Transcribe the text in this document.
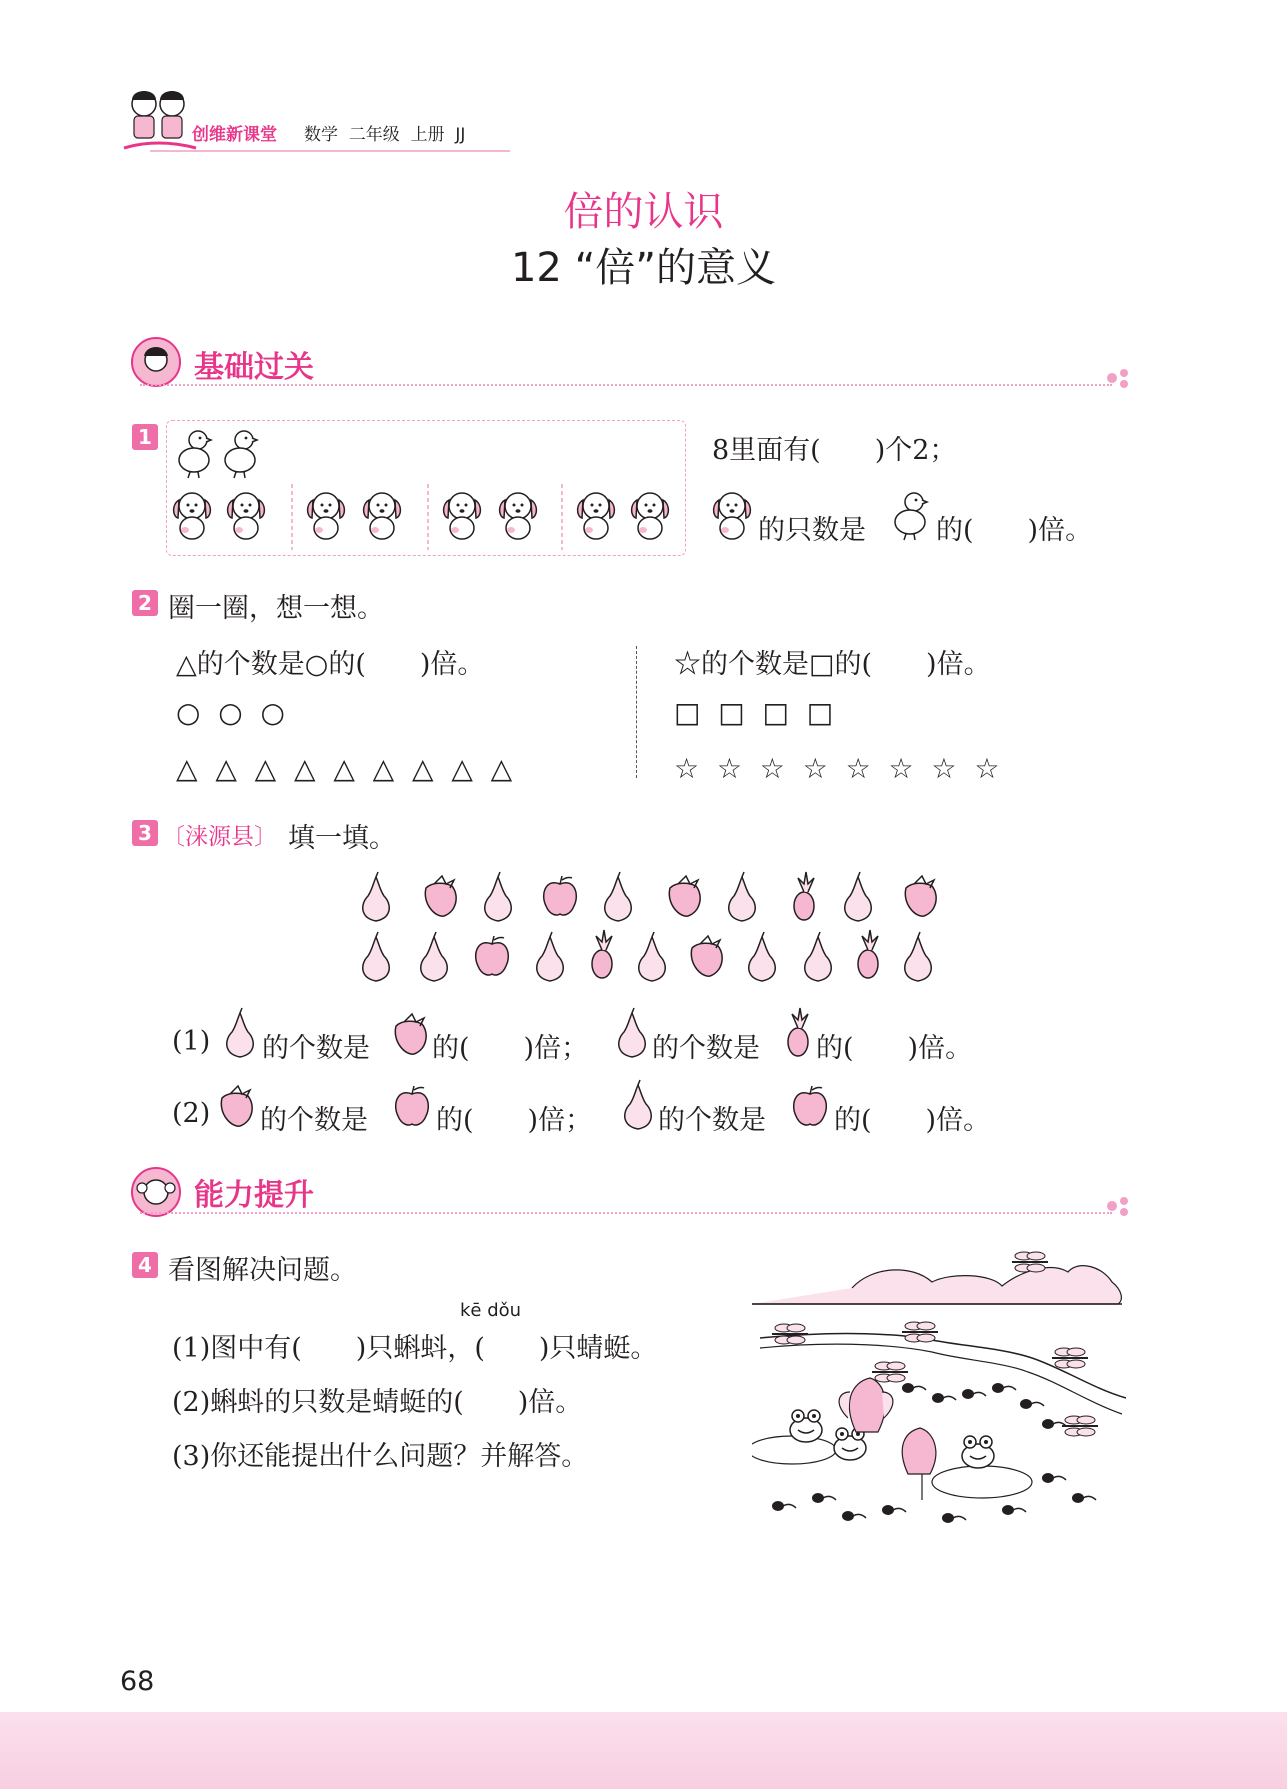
创维新课堂 数学  二年级  上册  JJ
倍的认识
12 “倍”的意义
基础过关
1	8里面有(　　)个2；
的只数是	的(　　)倍。
2 圈一圈，想一想。
△的个数是○的(　　)倍。
○  ○  ○
△  △  △  △  △  △  △  △  △
☆的个数是□的(　　)倍。
□  □  □  □
☆  ☆  ☆  ☆  ☆  ☆  ☆  ☆
3 〔涞源县〕 填一填。
(1) 的个数是 的(　　)倍； 的个数是 的(　　)倍。
(2) 的个数是	的(　　)倍； 的个数是	的(　　)倍。
能力提升
4 看图解决问题。
kē dǒu
(1)图中有(　　)只蝌蚪，(　　)只蜻蜓。
(2)蝌蚪的只数是蜻蜓的(　　)倍。
(3)你还能提出什么问题？并解答。
68
